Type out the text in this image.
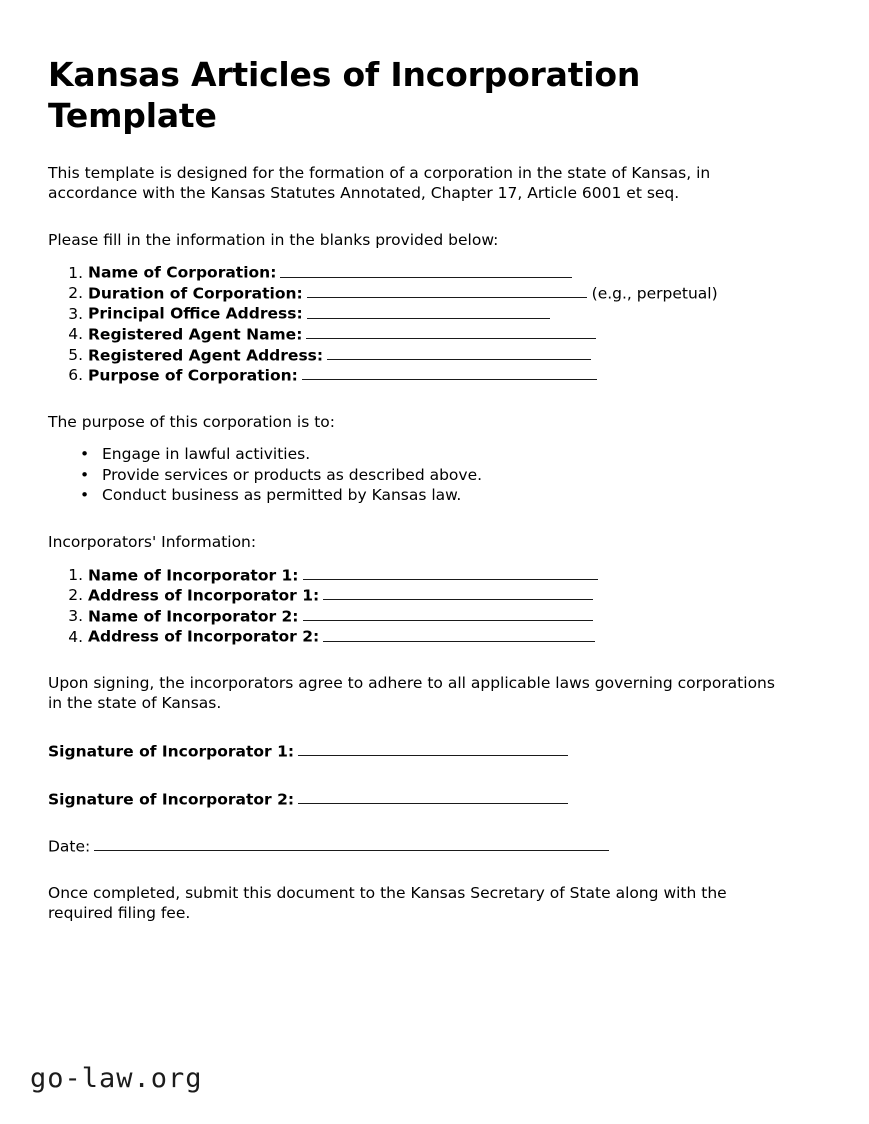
Kansas Articles of Incorporation Template

This template is designed for the formation of a corporation in the state of Kansas, in accordance with the Kansas Statutes Annotated, Chapter 17, Article 6001 et seq.

Please fill in the information in the blanks provided below:

1. Name of Corporation:
2. Duration of Corporation:	(e.g., perpetual)
3. Principal Office Address:
4. Registered Agent Name:
5. Registered Agent Address:
6. Purpose of Corporation:

The purpose of this corporation is to:

• Engage in lawful activities.
• Provide services or products as described above.
• Conduct business as permitted by Kansas law.

Incorporators' Information:

1. Name of Incorporator 1:
2. Address of Incorporator 1:
3. Name of Incorporator 2:
4. Address of Incorporator 2:

Upon signing, the incorporators agree to adhere to all applicable laws governing corporations in the state of Kansas.

Signature of Incorporator 1:
Signature of Incorporator 2:
Date:

Once completed, submit this document to the Kansas Secretary of State along with the required filing fee.

go-law.org
